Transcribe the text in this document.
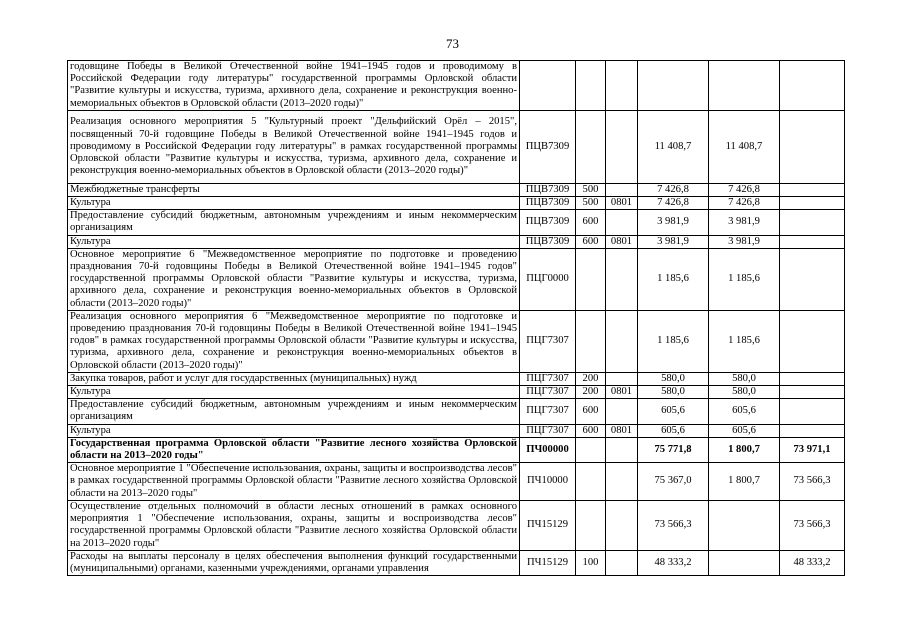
73
годовщине Победы в Великой Отечественной войне 1941–1945 годов и проводимому в Российской Федерации году литературы" государственной программы Орловской области "Развитие культуры и искусства, туризма, архивного дела, сохранение и реконструкция военно-мемориальных объектов в Орловской области (2013–2020 годы)"						
Реализация основного мероприятия 5 "Культурный проект "Дельфийский Орёл – 2015", посвященный 70-й годовщине Победы в Великой Отечественной войне 1941–1945 годов и проводимому в Российской Федерации году литературы" в рамках государственной программы Орловской области "Развитие культуры и искусства, туризма, архивного дела, сохранение и реконструкция военно-мемориальных объектов в Орловской области (2013–2020 годы)"	ПЦВ7309			11 408,7	11 408,7	
Межбюджетные трансферты	ПЦВ7309	500		7 426,8	7 426,8	
Культура	ПЦВ7309	500	0801	7 426,8	7 426,8	
Предоставление субсидий бюджетным, автономным учреждениям и иным некоммерческим организациям	ПЦВ7309	600		3 981,9	3 981,9	
Культура	ПЦВ7309	600	0801	3 981,9	3 981,9	
Основное мероприятие 6 "Межведомственное мероприятие по подготовке и проведению празднования 70-й годовщины Победы в Великой Отечественной войне 1941–1945 годов" государственной программы Орловской области "Развитие культуры и искусства, туризма, архивного дела, сохранение и реконструкция военно-мемориальных объектов в Орловской области (2013–2020 годы)"	ПЦГ0000			1 185,6	1 185,6	
Реализация основного мероприятия 6 "Межведомственное мероприятие по подготовке и проведению празднования 70-й годовщины Победы в Великой Отечественной войне 1941–1945 годов" в рамках государственной программы Орловской области "Развитие культуры и искусства, туризма, архивного дела, сохранение и реконструкция военно-мемориальных объектов в Орловской области (2013–2020 годы)"	ПЦГ7307			1 185,6	1 185,6	
Закупка товаров, работ и услуг для государственных (муниципальных) нужд	ПЦГ7307	200		580,0	580,0	
Культура	ПЦГ7307	200	0801	580,0	580,0	
Предоставление субсидий бюджетным, автономным учреждениям и иным некоммерческим организациям	ПЦГ7307	600		605,6	605,6	
Культура	ПЦГ7307	600	0801	605,6	605,6	
Государственная программа Орловской области "Развитие лесного хозяйства Орловской области на 2013–2020 годы"	ПЧ00000			75 771,8	1 800,7	73 971,1
Основное мероприятие 1 "Обеспечение использования, охраны, защиты и воспроизводства лесов" в рамках государственной программы Орловской области "Развитие лесного хозяйства Орловской области на 2013–2020 годы"	ПЧ10000			75 367,0	1 800,7	73 566,3
Осуществление отдельных полномочий в области лесных отношений в рамках основного мероприятия 1 "Обеспечение использования, охраны, защиты и воспроизводства лесов" государственной программы Орловской области "Развитие лесного хозяйства Орловской области на 2013–2020 годы"	ПЧ15129			73 566,3		73 566,3
Расходы на выплаты персоналу в целях обеспечения выполнения функций государственными (муниципальными) органами, казенными учреждениями, органами управления	ПЧ15129	100		48 333,2		48 333,2
